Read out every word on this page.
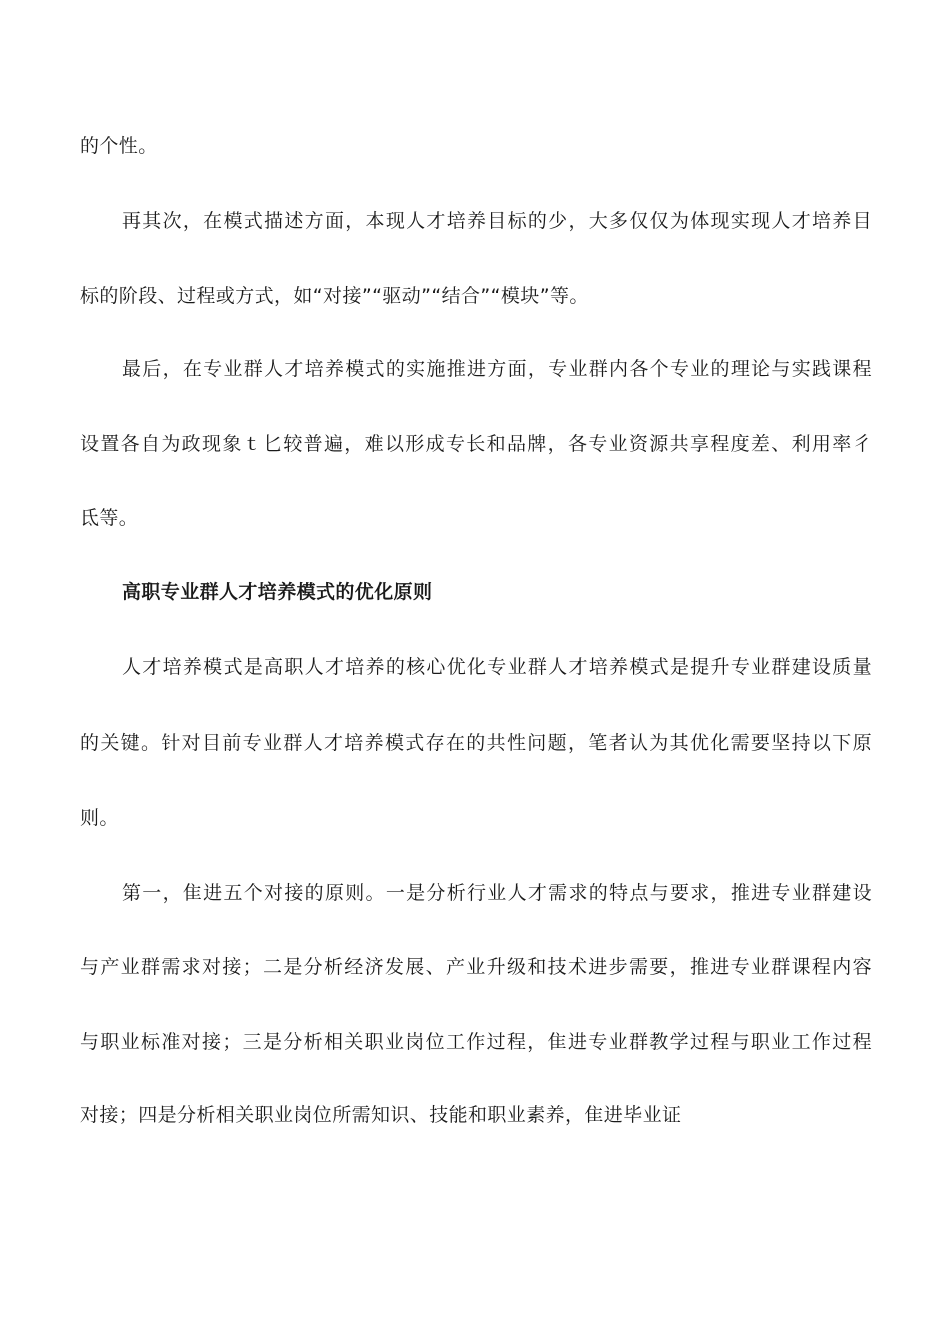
的个性。
再其次，在模式描述方面，本现人才培养目标的少，大多仅仅为体现实现人才培养目
标的阶段、过程或方式，如“对接”“驱动”“结合”“模块”等。
最后，在专业群人才培养模式的实施推进方面，专业群内各个专业的理论与实践课程
设置各自为政现象ｔ匕较普遍，难以形成专长和品牌，各专业资源共享程度差、利用率彳
氐等。
高职专业群人才培养模式的优化原则
人才培养模式是高职人才培养的核心优化专业群人才培养模式是提升专业群建设质量
的关键。针对目前专业群人才培养模式存在的共性问题，笔者认为其优化需要坚持以下原
则。
第一，隹进五个对接的原则。一是分析行业人才需求的特点与要求，推进专业群建设
与产业群需求对接；二是分析经济发展、产业升级和技术进步需要，推进专业群课程内容
与职业标准对接；三是分析相关职业岗位工作过程，隹进专业群教学过程与职业工作过程
对接；四是分析相关职业岗位所需知识、技能和职业素养，隹进毕业证
